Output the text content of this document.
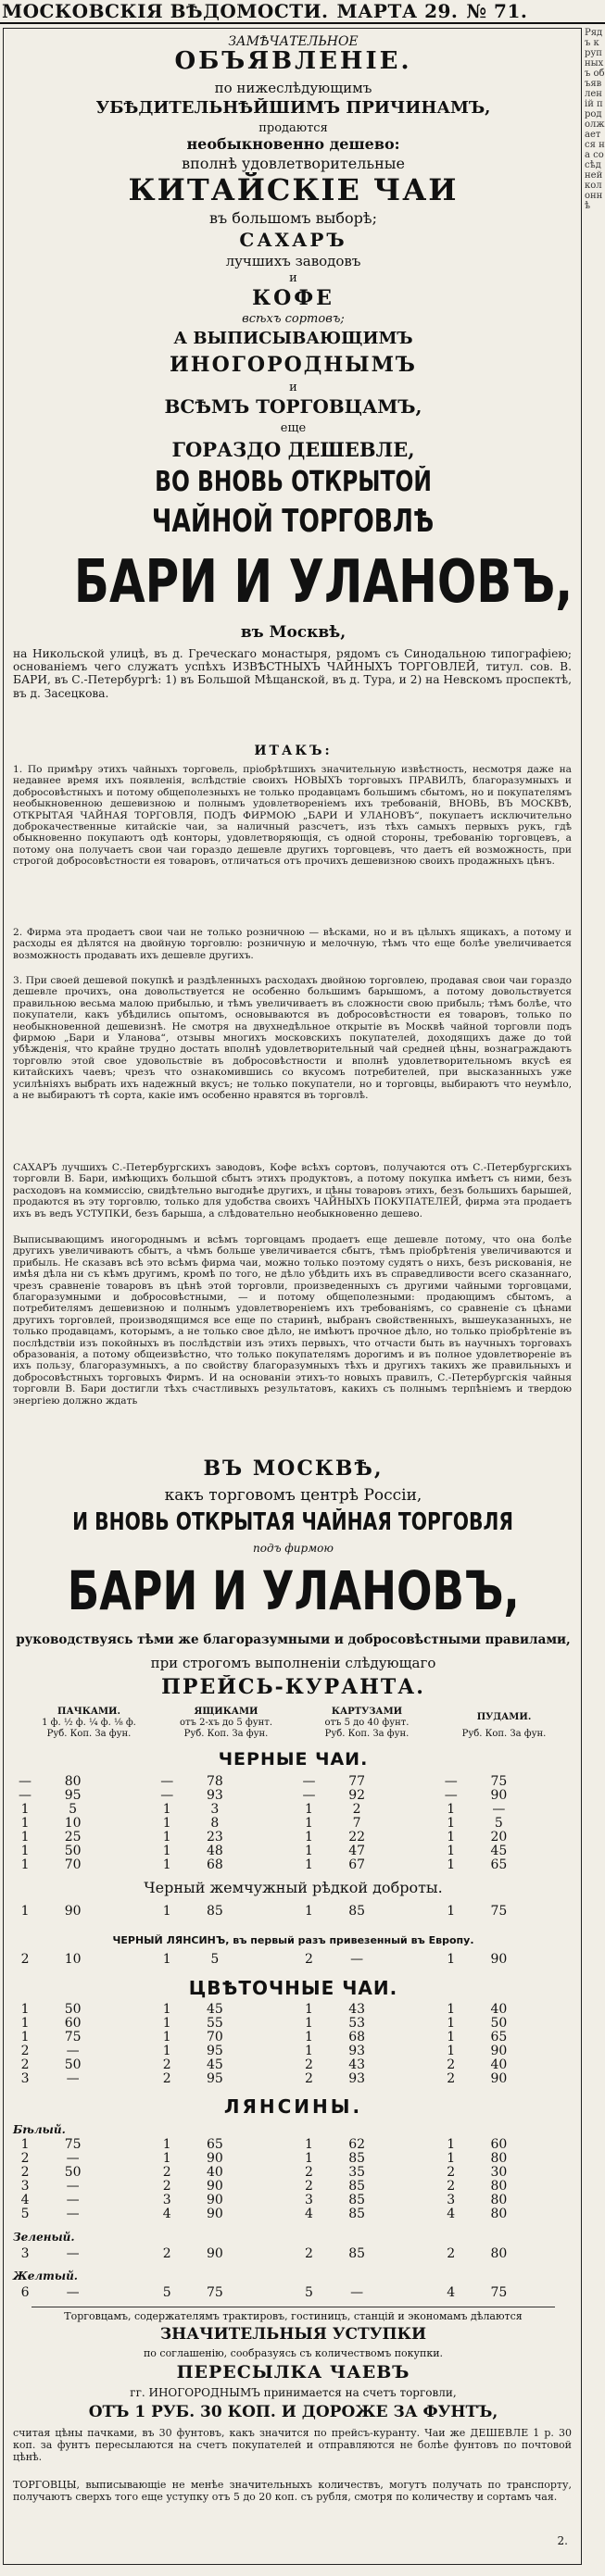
МОСКОВСКІЯ ВѢДОМОСТИ. МАРТА 29. № 71.
ЗАМѢЧАТЕЛЬНОЕ
ОБЪЯВЛЕНІЕ.
по нижеслѣдующимъ
УБѢДИТЕЛЬНѢЙШИМЪ ПРИЧИНАМЪ,
продаются
необыкновенно дешево:
вполнѣ удовлетворительные
КИТАЙСКІЕ ЧАИ
въ большомъ выборѣ;
САХАРЪ
лучшихъ заводовъ
и
КОФЕ
всѣхъ сортовъ;
А ВЫПИСЫВАЮЩИМЪ
ИНОГОРОДНЫМЪ
и
ВСѢМЪ ТОРГОВЦАМЪ,
еще
ГОРАЗДО ДЕШЕВЛЕ,
ВО ВНОВЬ ОТКРЫТОЙ
ЧАЙНОЙ ТОРГОВЛѢ
БАРИ И УЛАНОВЪ,
въ Москвѣ,
на Никольской улицѣ, въ д. Греческаго монастыря, рядомъ съ Синодальною типографіею; основаніемъ чего служатъ успѣхъ ИЗВѢСТНЫХЪ ЧАЙНЫХЪ ТОРГОВЛЕЙ, титул. сов. В. БАРИ, въ С.-Петербургѣ: 1) въ Большой Мѣщанской, въ д. Тура, и 2) на Невскомъ проспектѣ, въ д. Засецкова.
ИТАКЪ:
1. По примѣру этихъ чайныхъ торговель, пріобрѣтшихъ значительную извѣстность, несмотря даже на недавнее время ихъ появленія, вслѣдствіе своихъ НОВЫХЪ торговыхъ ПРАВИЛЪ, благоразумныхъ и добросовѣстныхъ и потому общеполезныхъ не только продавцамъ большимъ сбытомъ, но и покупателямъ необыкновенною дешевизною и полнымъ удовлетвореніемъ ихъ требованій, ВНОВЬ, ВЪ МОСКВѢ, ОТКРЫТАЯ ЧАЙНАЯ ТОРГОВЛЯ, ПОДЪ ФИРМОЮ „БАРИ И УЛАНОВЪ“, покупаетъ исключительно доброкачественные китайскіе чаи, за наличный разсчетъ, изъ тѣхъ самыхъ первыхъ рукъ, гдѣ обыкновенно покупаютъ одѣ конторы, удовлетворяющія, съ одной стороны, требованію торговцевъ, а потому она получаетъ свои чаи гораздо дешевле другихъ торговцевъ, что даетъ ей возможность, при строгой добросовѣстности ея товаровъ, отличаться отъ прочихъ дешевизною своихъ продажныхъ цѣнъ.
2. Фирма эта продаетъ свои чаи не только розничною — вѣсками, но и въ цѣлыхъ ящикахъ, а потому и расходы ея дѣлятся на двойную торговлю: розничную и мелочную, тѣмъ что еще болѣе увеличивается возможность продавать ихъ дешевле другихъ.
3. При своей дешевой покупкѣ и раздѣленныхъ расходахъ двойною торговлею, продавая свои чаи гораздо дешевле прочихъ, она довольствуется не особенно большимъ барышомъ, а потому довольствуется правильною весьма малою прибылью, и тѣмъ увеличиваетъ въ сложности свою прибыль; тѣмъ болѣе, что покупатели, какъ убѣдились опытомъ, основываются въ добросовѣстности ея товаровъ, только по необыкновенной дешевизнѣ. Не смотря на двухнедѣльное открытіе въ Москвѣ чайной торговли подъ фирмою „Бари и Уланова“, отзывы многихъ московскихъ покупателей, доходящихъ даже до той убѣжденія, что крайне трудно достать вполнѣ удовлетворительный чай средней цѣны, вознаграждаютъ торговлю этой свое удовольствіе въ добросовѣстности и вполнѣ удовлетворительномъ вкусѣ ея китайскихъ чаевъ; чрезъ что ознакомившись со вкусомъ потребителей, при высказанныхъ уже усилѣніяхъ выбрать ихъ надежный вкусъ; не только покупатели, но и торговцы, выбираютъ что неумѣло, а не выбираютъ тѣ сорта, какіе имъ особенно нравятся въ торговлѣ.
САХАРЪ лучшихъ С.-Петербургскихъ заводовъ, Кофе всѣхъ сортовъ, получаются отъ С.-Петербургскихъ торговли В. Бари, имѣющихъ большой сбытъ этихъ продуктовъ, а потому покупка имѣетъ съ ними, безъ расходовъ на коммиссію, свидѣтельно выгоднѣе другихъ, и цѣны товаровъ этихъ, безъ большихъ барышей, продаются въ эту торговлю, только для удобства своихъ ЧАЙНЫХЪ ПОКУПАТЕЛЕЙ, фирма эта продаетъ ихъ въ ведъ УСТУПКИ, безъ барыша, а слѣдовательно необыкновенно дешево.
Выписывающимъ иногороднымъ и всѣмъ торговцамъ продаетъ еще дешевле потому, что она болѣе другихъ увеличиваютъ сбытъ, а чѣмъ больше увеличивается сбытъ, тѣмъ пріобрѣтенія увеличиваются и прибыль. Не сказавъ всѣ это всѣмъ фирма чаи, можно только поэтому судятъ о нихъ, безъ рискованія, не имѣя дѣла ни съ кѣмъ другимъ, кромѣ по того, не дѣло убѣдить ихъ въ справедливости всего сказаннаго, чрезъ сравненіе товаровъ въ цѣнѣ этой торговли, произведенныхъ съ другими чайными торговцами, благоразумными и добросовѣстными, — и потому общеполезными: продающимъ сбытомъ, а потребителямъ дешевизною и полнымъ удовлетвореніемъ ихъ требованіямъ, со сравненіе съ цѣнами другихъ торговлей, производящимся все еще по старинѣ, выбранъ свойственныхъ, вышеуказанныхъ, не только продавцамъ, которымъ, а не только свое дѣло, не имѣютъ прочное дѣло, но только пріобрѣтеніе въ послѣдствіи изъ покойныхъ въ послѣдствіи изъ этихъ первыхъ, что отчасти быть въ научныхъ торговахъ образованія, а потому общеизвѣстно, что только покупателямъ дорогимъ и въ полное удовлетвореніе въ ихъ пользу, благоразумныхъ, а по свойству благоразумныхъ тѣхъ и другихъ такихъ же правильныхъ и добросовѣстныхъ торговыхъ Фирмъ. И на основаніи этихъ-то новыхъ правилъ, С.-Петербургскія чайныя торговли В. Бари достигли тѣхъ счастливыхъ результатовъ, какихъ съ полнымъ терпѣніемъ и твердою энергіею должно ждать
ВЪ МОСКВѢ,
какъ торговомъ центрѣ Россіи,
И ВНОВЬ ОТКРЫТАЯ ЧАЙНАЯ ТОРГОВЛЯ
подъ фирмою
БАРИ И УЛАНОВЪ,
руководствуясь тѣми же благоразумными и добросовѣстными правилами,
при строгомъ выполненіи слѣдующаго
ПРЕЙСЬ-КУРАНТА.
ПАЧКАМИ.
1 ф. ½ ф. ¼ ф. ⅛ ф.
Руб. Коп. За фун.
ЯЩИКАМИ
отъ 2-хъ до 5 фунт.
Руб. Коп. За фун.
КАРТУЗАМИ
отъ 5 до 40 фунт.
Руб. Коп. За фун.
ПУДАМИ.
Руб. Коп. За фун.
ЧЕРНЫЕ ЧАИ.
—	80	—	78	—	77	—	75
—	95	—	93	—	92	—	90
1	5	1	3	1	2	1	—
1	10	1	8	1	7	1	5
1	25	1	23	1	22	1	20
1	50	1	48	1	47	1	45
1	70	1	68	1	67	1	65
Черный жемчужный рѣдкой доброты.
1	90	1	85	1	85	1	75
ЧЕРНЫЙ ЛЯНСИНЪ, въ первый разъ привезенный въ Европу.
2	10	1	5	2	—	1	90
ЦВѢТОЧНЫЕ ЧАИ.
1	50	1	45	1	43	1	40
1	60	1	55	1	53	1	50
1	75	1	70	1	68	1	65
2	—	1	95	1	93	1	90
2	50	2	45	2	43	2	40
3	—	2	95	2	93	2	90
ЛЯНСИНЫ.
Бѣлый.
1	75	1	65	1	62	1	60
2	—	1	90	1	85	1	80
2	50	2	40	2	35	2	30
3	—	2	90	2	85	2	80
4	—	3	90	3	85	3	80
5	—	4	90	4	85	4	80
Зеленый.
3	—	2	90	2	85	2	80
Желтый.
6	—	5	75	5	—	4	75
Торговцамъ, содержателямъ трактировъ, гостиницъ, станцій и экономамъ дѣлаются
ЗНАЧИТЕЛЬНЫЯ УСТУПКИ
по соглашенію, сообразуясь съ количествомъ покупки.
ПЕРЕСЫЛКА ЧАЕВЪ
гг. ИНОГОРОДНЫМЪ принимается на счетъ торговли,
ОТЪ 1 РУБ. 30 КОП. И ДОРОЖЕ ЗА ФУНТЪ,
считая цѣны пачками, въ 30 фунтовъ, какъ значится по прейсъ-куранту. Чаи же ДЕШЕВЛЕ 1 р. 30 коп. за фунтъ пересылаются на счетъ покупателей и отправляются не болѣе фунтовъ по почтовой цѣнѣ.
ТОРГОВЦЫ, выписывающіе не менѣе значительныхъ количествъ, могутъ получать по транспорту, получаютъ сверхъ того еще уступку отъ 5 до 20 коп. съ рубля, смотря по количеству и сортамъ чая.
2.
Рядъ крупныхъ объявленій продолжается на сосѣдней колоннѣ
